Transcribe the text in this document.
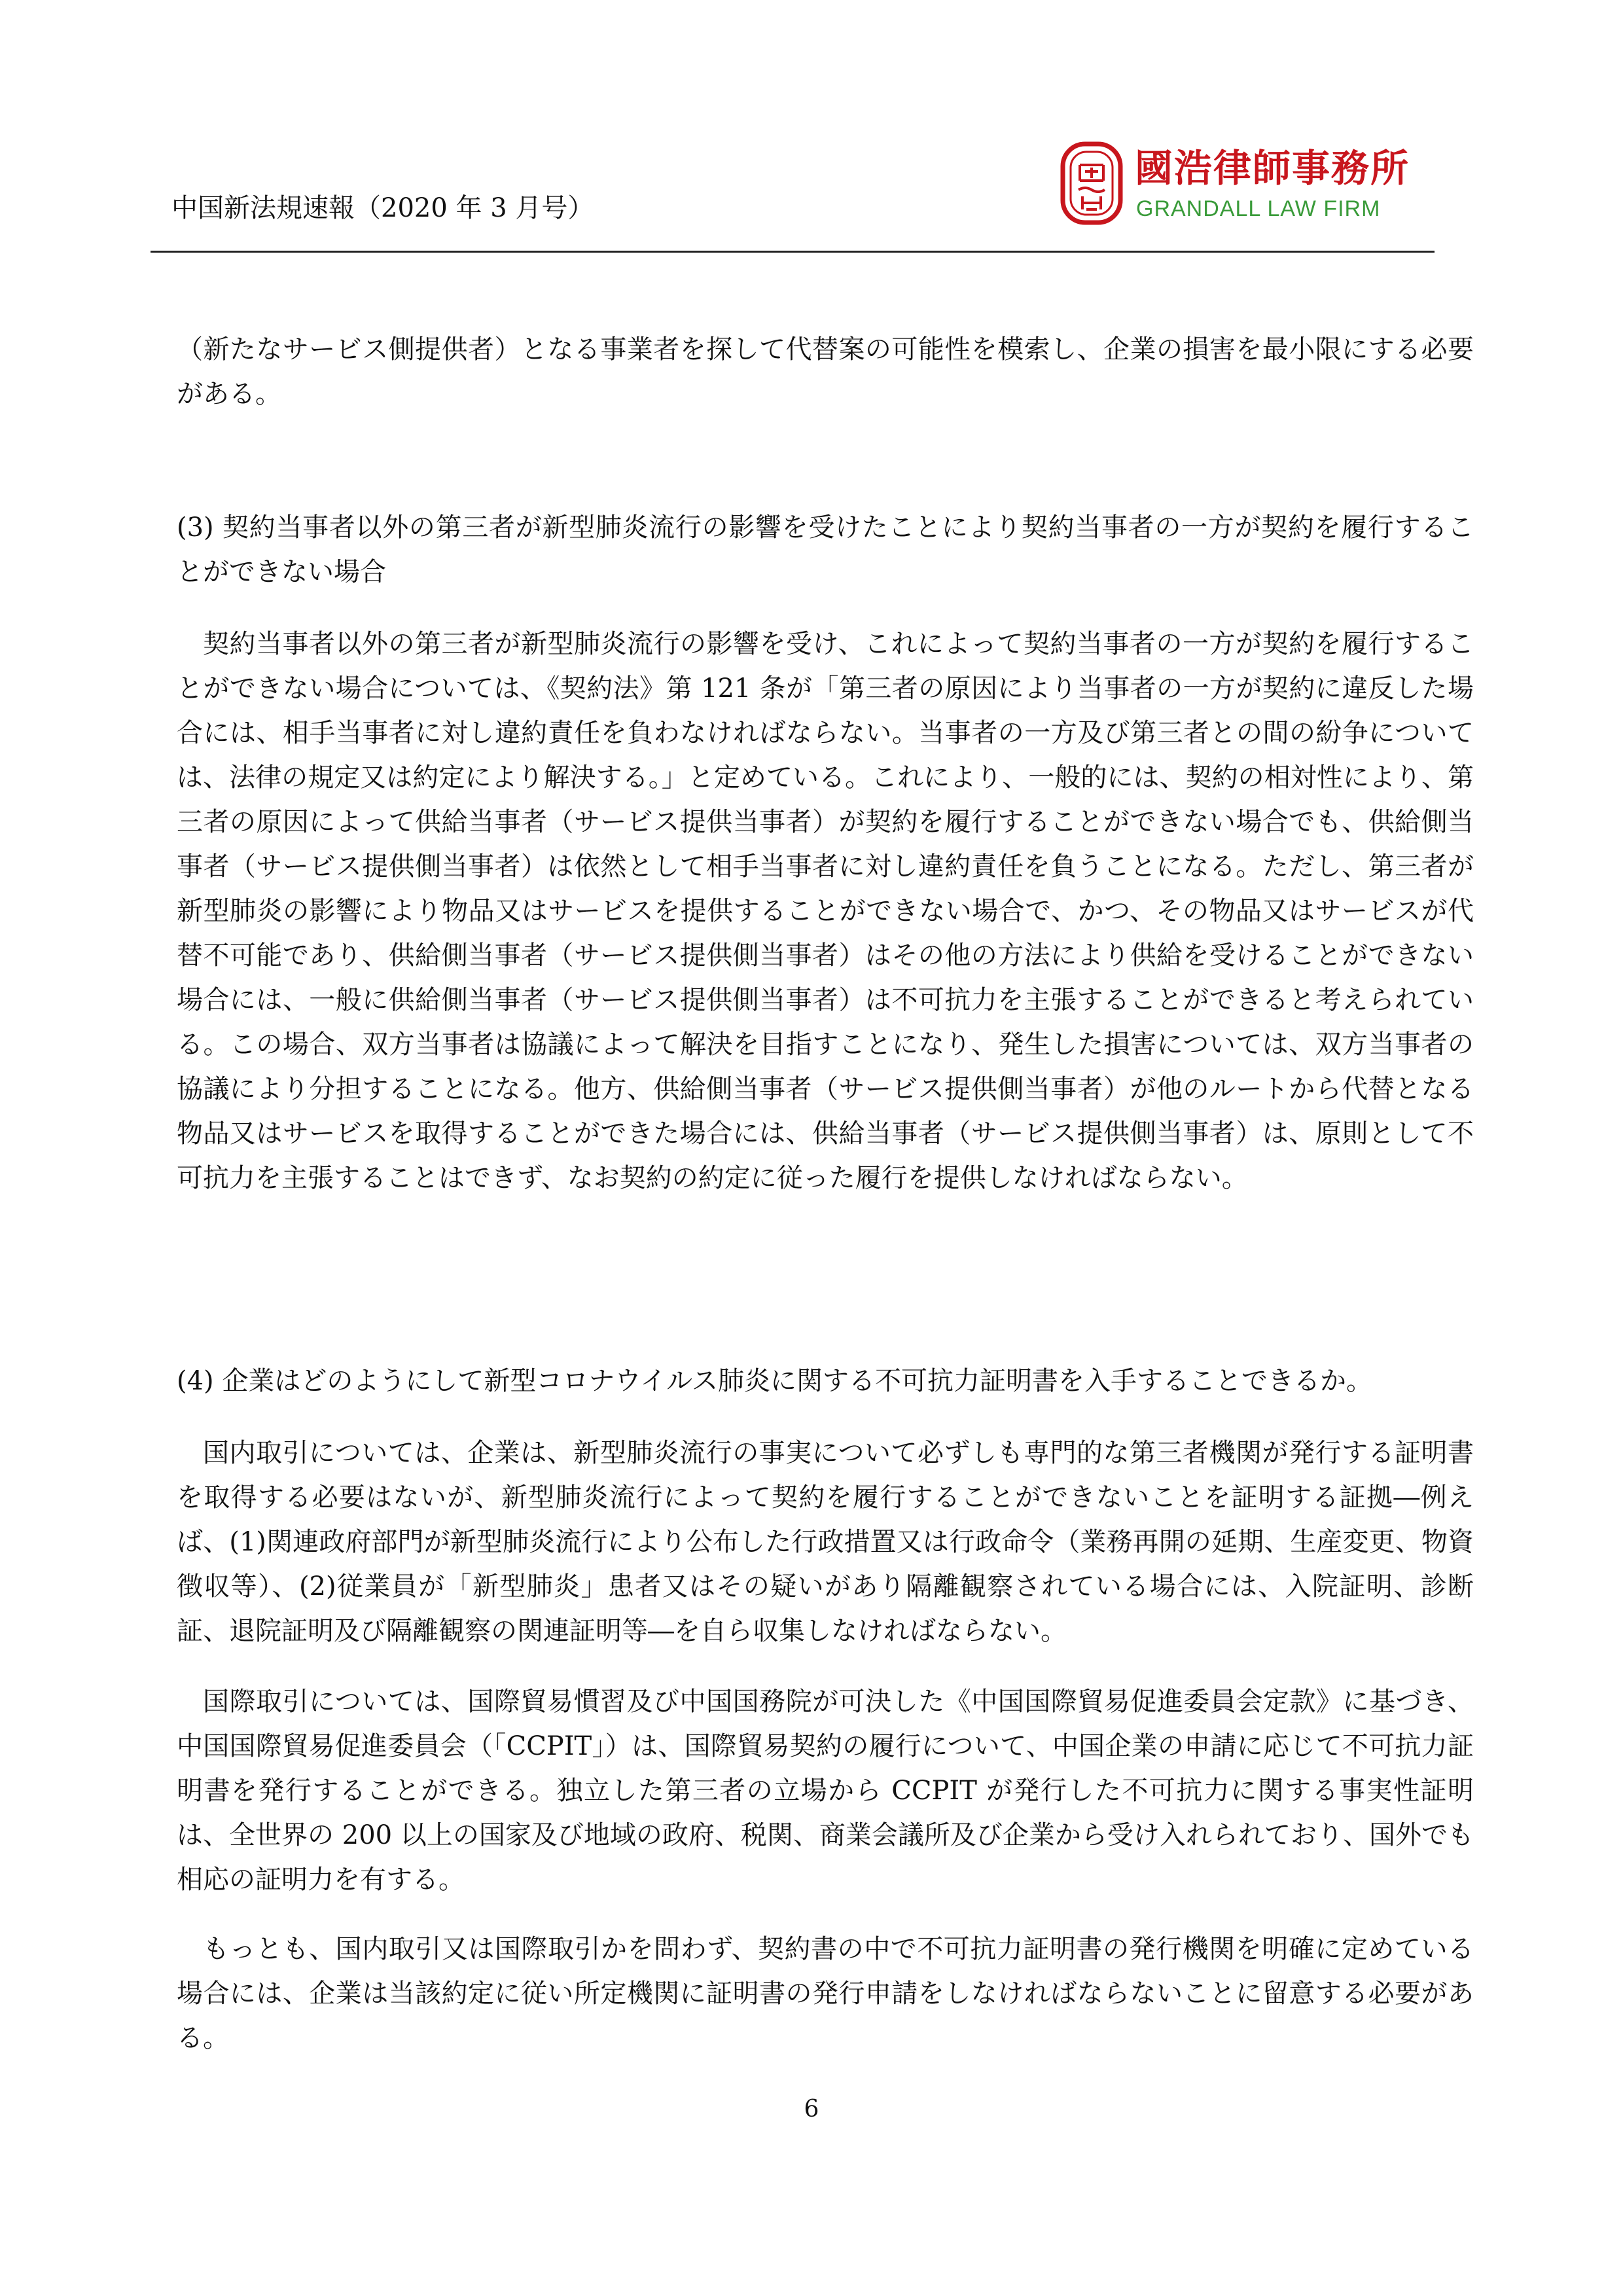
中国新法規速報（2020 年 3 月号）
國浩律師事務所
GRANDALL LAW FIRM

（新たなサービス側提供者）となる事業者を探して代替案の可能性を模索し、企業の損害を最小限にする必要がある。

(3) 契約当事者以外の第三者が新型肺炎流行の影響を受けたことにより契約当事者の一方が契約を履行することができない場合

契約当事者以外の第三者が新型肺炎流行の影響を受け、これによって契約当事者の一方が契約を履行することができない場合については、《契約法》第 121 条が「第三者の原因により当事者の一方が契約に違反した場合には、相手当事者に対し違約責任を負わなければならない。当事者の一方及び第三者との間の紛争については、法律の規定又は約定により解決する。」と定めている。これにより、一般的には、契約の相対性により、第三者の原因によって供給当事者（サービス提供当事者）が契約を履行することができない場合でも、供給側当事者（サービス提供側当事者）は依然として相手当事者に対し違約責任を負うことになる。ただし、第三者が新型肺炎の影響により物品又はサービスを提供することができない場合で、かつ、その物品又はサービスが代替不可能であり、供給側当事者（サービス提供側当事者）はその他の方法により供給を受けることができない場合には、一般に供給側当事者（サービス提供側当事者）は不可抗力を主張することができると考えられている。この場合、双方当事者は協議によって解決を目指すことになり、発生した損害については、双方当事者の協議により分担することになる。他方、供給側当事者（サービス提供側当事者）が他のルートから代替となる物品又はサービスを取得することができた場合には、供給当事者（サービス提供側当事者）は、原則として不可抗力を主張することはできず、なお契約の約定に従った履行を提供しなければならない。

(4) 企業はどのようにして新型コロナウイルス肺炎に関する不可抗力証明書を入手することできるか。

国内取引については、企業は、新型肺炎流行の事実について必ずしも専門的な第三者機関が発行する証明書を取得する必要はないが、新型肺炎流行によって契約を履行することができないことを証明する証拠―例えば、(1)関連政府部門が新型肺炎流行により公布した行政措置又は行政命令（業務再開の延期、生産変更、物資徴収等）、(2)従業員が「新型肺炎」患者又はその疑いがあり隔離観察されている場合には、入院証明、診断証、退院証明及び隔離観察の関連証明等―を自ら収集しなければならない。

国際取引については、国際貿易慣習及び中国国務院が可決した《中国国際貿易促進委員会定款》に基づき、中国国際貿易促進委員会（「CCPIT」）は、国際貿易契約の履行について、中国企業の申請に応じて不可抗力証明書を発行することができる。独立した第三者の立場から CCPIT が発行した不可抗力に関する事実性証明は、全世界の 200 以上の国家及び地域の政府、税関、商業会議所及び企業から受け入れられており、国外でも相応の証明力を有する。

もっとも、国内取引又は国際取引かを問わず、契約書の中で不可抗力証明書の発行機関を明確に定めている場合には、企業は当該約定に従い所定機関に証明書の発行申請をしなければならないことに留意する必要がある。

6
